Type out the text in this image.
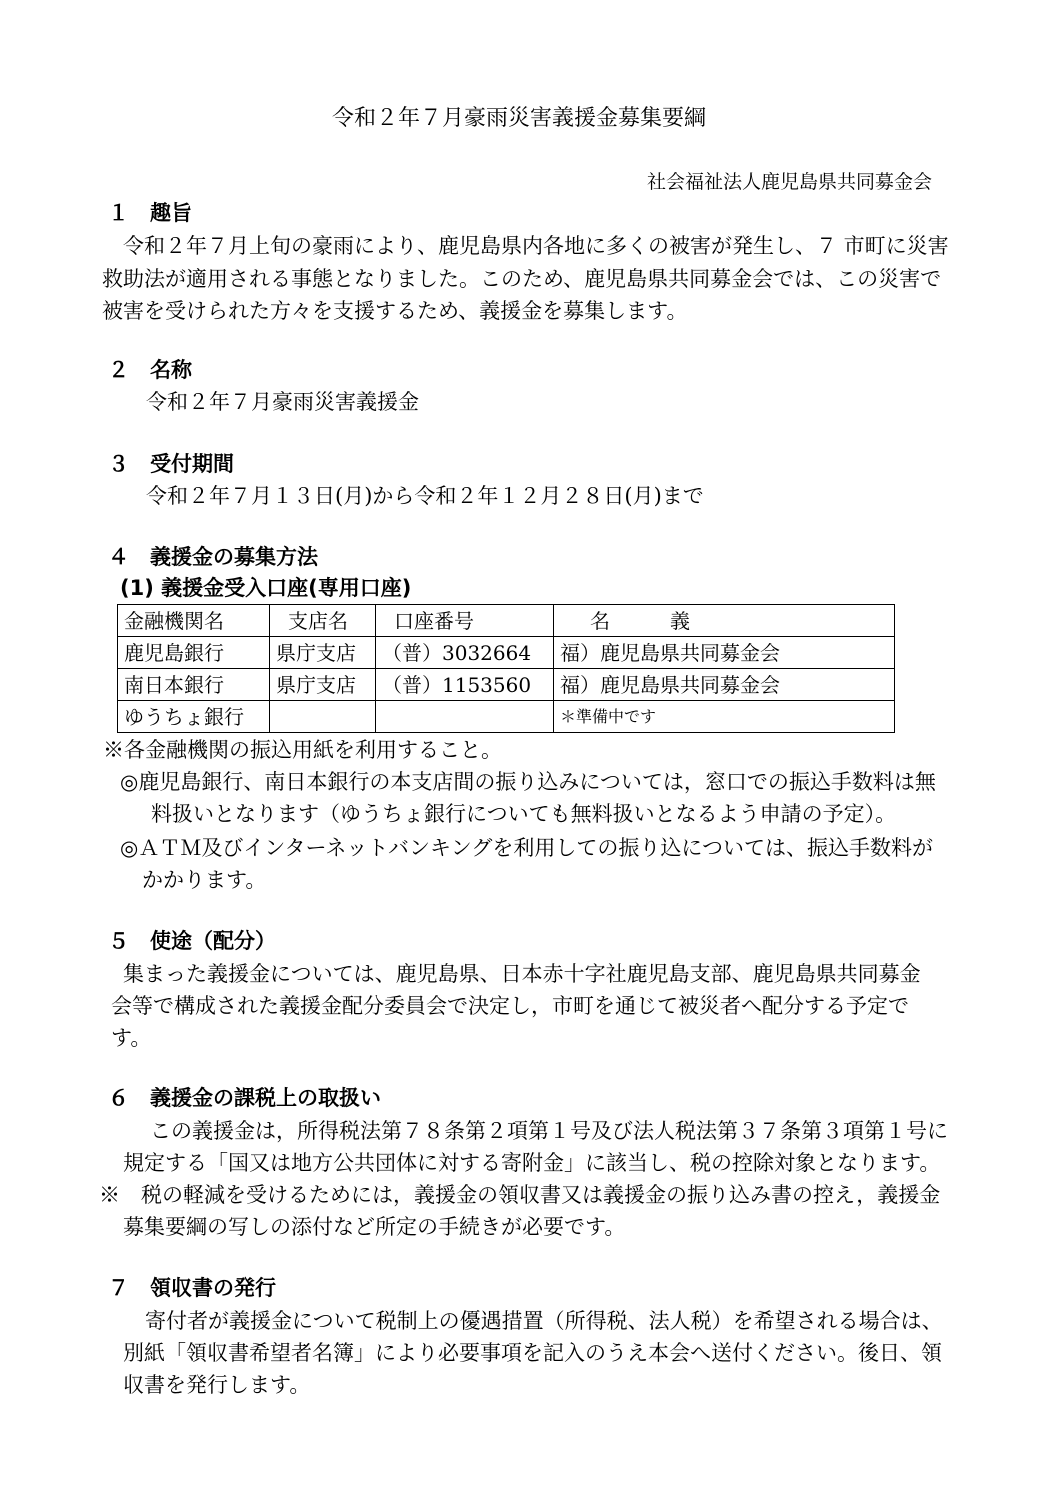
令和２年７月豪雨災害義援金募集要綱
社会福祉法人鹿児島県共同募金会
１　趣旨
令和２年７月上旬の豪雨により、鹿児島県内各地に多くの被害が発生し、７ 市町に災害
救助法が適用される事態となりました。このため、鹿児島県共同募金会では、この災害で
被害を受けられた方々を支援するため、義援金を募集します。
２　名称
令和２年７月豪雨災害義援金
３　受付期間
令和２年７月１３日(月)から令和２年１２月２８日(月)まで
４　義援金の募集方法
(1) 義援金受入口座(専用口座)
金融機関名	支店名	口座番号	名　　　義
鹿児島銀行	県庁支店	（普）3032664	福）鹿児島県共同募金会
南日本銀行	県庁支店	（普）1153560	福）鹿児島県共同募金会
ゆうちょ銀行			＊準備中です
※各金融機関の振込用紙を利用すること。
◎鹿児島銀行、南日本銀行の本支店間の振り込みについては，窓口での振込手数料は無
料扱いとなります（ゆうちょ銀行についても無料扱いとなるよう申請の予定）。
◎ＡＴＭ及びインターネットバンキングを利用しての振り込については、振込手数料が
かかります。
５　使途（配分）
集まった義援金については、鹿児島県、日本赤十字社鹿児島支部、鹿児島県共同募金
会等で構成された義援金配分委員会で決定し，市町を通じて被災者へ配分する予定で
す。
６　義援金の課税上の取扱い
この義援金は，所得税法第７８条第２項第１号及び法人税法第３７条第３項第１号に
規定する「国又は地方公共団体に対する寄附金」に該当し、税の控除対象となります。
※　税の軽減を受けるためには，義援金の領収書又は義援金の振り込み書の控え，義援金
募集要綱の写しの添付など所定の手続きが必要です。
７　領収書の発行
寄付者が義援金について税制上の優遇措置（所得税、法人税）を希望される場合は、
別紙「領収書希望者名簿」により必要事項を記入のうえ本会へ送付ください。後日、領
収書を発行します。
